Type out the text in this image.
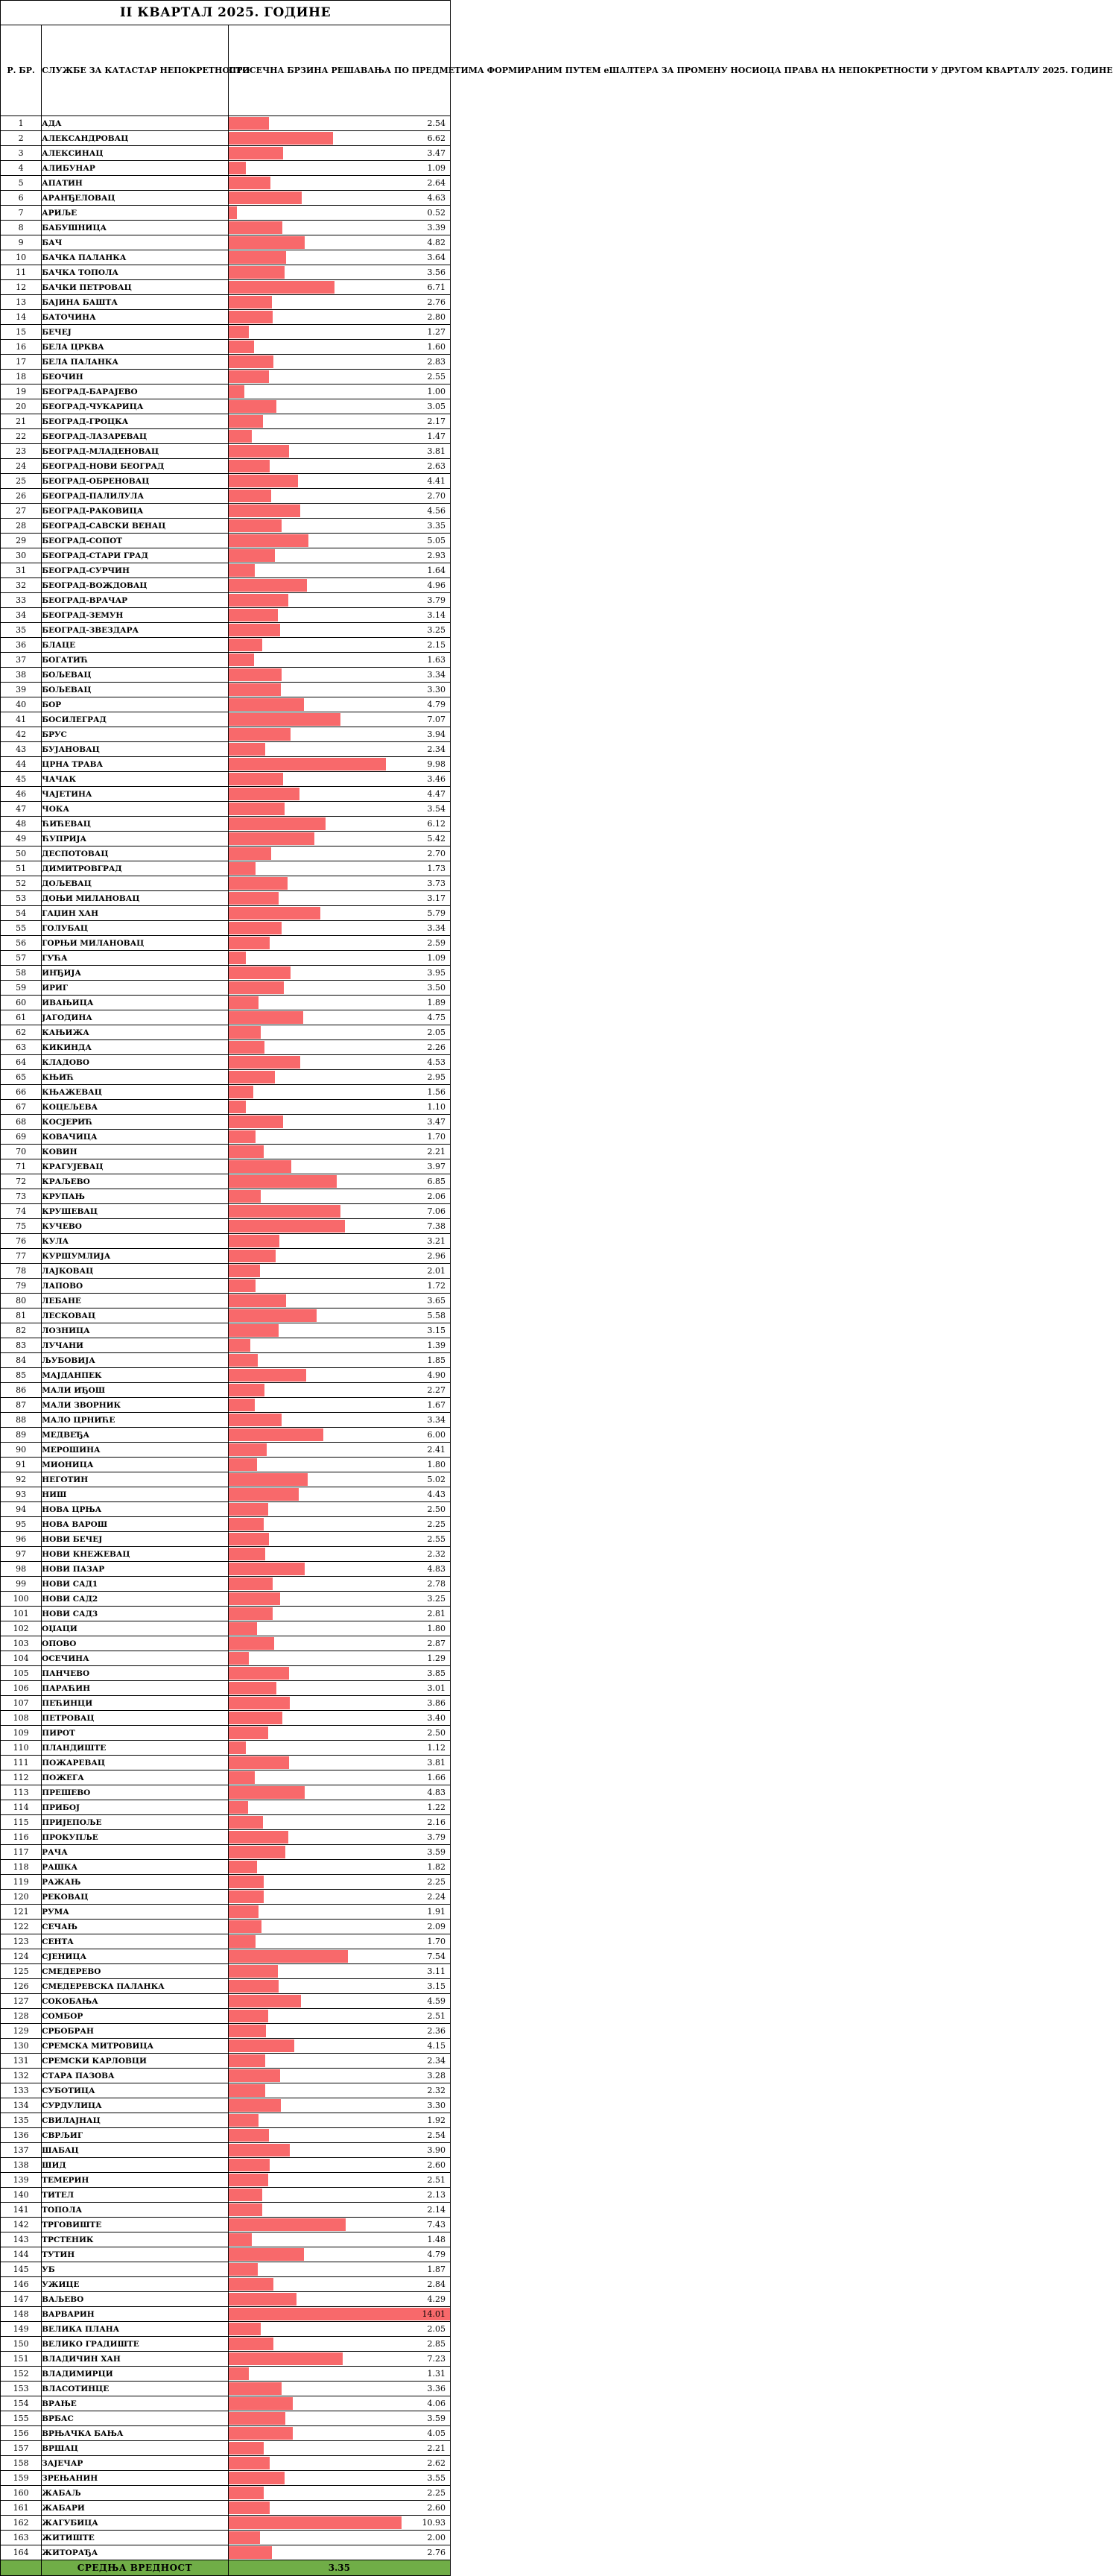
II КВАРТАЛ 2025. ГОДИНЕ		
Р. БР.	СЛУЖБЕ ЗА КАТАСТАР НЕПОКРЕТНОСТИ	ПРОСЕЧНА БРЗИНА РЕШАВАЊА ПО ПРЕДМЕТИМА ФОРМИРАНИМ ПУТЕМ еШАЛТЕРА ЗА ПРОМЕНУ НОСИОЦА ПРАВА НА НЕПОКРЕТНОСТИ У ДРУГОМ КВАРТАЛУ 2025. ГОДИНЕ
1	АДА	2.54

2	АЛЕКСАНДРОВАЦ	6.62

3	АЛЕКСИНАЦ	3.47

4	АЛИБУНАР	1.09

5	АПАТИН	2.64

6	АРАНЂЕЛОВАЦ	4.63

7	АРИЉЕ	0.52

8	БАБУШНИЦА	3.39

9	БАЧ	4.82

10	БАЧКА ПАЛАНКА	3.64

11	БАЧКА ТОПОЛА	3.56

12	БАЧКИ ПЕТРОВАЦ	6.71

13	БАЈИНА БАШТА	2.76

14	БАТОЧИНА	2.80

15	БЕЧЕЈ	1.27

16	БЕЛА ЦРКВА	1.60

17	БЕЛА ПАЛАНКА	2.83

18	БЕОЧИН	2.55

19	БЕОГРАД-БАРАЈЕВО	1.00

20	БЕОГРАД-ЧУКАРИЦА	3.05

21	БЕОГРАД-ГРОЦКА	2.17

22	БЕОГРАД-ЛАЗАРЕВАЦ	1.47

23	БЕОГРАД-МЛАДЕНОВАЦ	3.81

24	БЕОГРАД-НОВИ БЕОГРАД	2.63

25	БЕОГРАД-ОБРЕНОВАЦ	4.41

26	БЕОГРАД-ПАЛИЛУЛА	2.70

27	БЕОГРАД-РАКОВИЦА	4.56

28	БЕОГРАД-САВСКИ ВЕНАЦ	3.35

29	БЕОГРАД-СОПОТ	5.05

30	БЕОГРАД-СТАРИ ГРАД	2.93

31	БЕОГРАД-СУРЧИН	1.64

32	БЕОГРАД-ВОЖДОВАЦ	4.96

33	БЕОГРАД-ВРАЧАР	3.79

34	БЕОГРАД-ЗЕМУН	3.14

35	БЕОГРАД-ЗВЕЗДАРА	3.25

36	БЛАЦЕ	2.15

37	БОГАТИЋ	1.63

38	БОЉЕВАЦ	3.34

39	БОЉЕВАЦ	3.30

40	БОР	4.79

41	БОСИЛЕГРАД	7.07

42	БРУС	3.94

43	БУЈАНОВАЦ	2.34

44	ЦРНА ТРАВА	9.98

45	ЧАЧАК	3.46

46	ЧАЈЕТИНА	4.47

47	ЧОКА	3.54

48	ЋИЋЕВАЦ	6.12

49	ЋУПРИЈА	5.42

50	ДЕСПОТОВАЦ	2.70

51	ДИМИТРОВГРАД	1.73

52	ДОЉЕВАЦ	3.73

53	ДОЊИ МИЛАНОВАЦ	3.17

54	ГАЏИН ХАН	5.79

55	ГОЛУБАЦ	3.34

56	ГОРЊИ МИЛАНОВАЦ	2.59

57	ГУЋА	1.09

58	ИНЂИЈА	3.95

59	ИРИГ	3.50

60	ИВАЊИЦА	1.89

61	ЈАГОДИНА	4.75

62	КАЊИЖА	2.05

63	КИКИНДА	2.26

64	КЛАДОВО	4.53

65	КЊИЋ	2.95

66	КЊАЖЕВАЦ	1.56

67	КОЦЕЉЕВА	1.10

68	КОСЈЕРИЋ	3.47

69	КОВАЧИЦА	1.70

70	КОВИН	2.21

71	КРАГУЈЕВАЦ	3.97

72	КРАЉЕВО	6.85

73	КРУПАЊ	2.06

74	КРУШЕВАЦ	7.06

75	КУЧЕВО	7.38

76	КУЛА	3.21

77	КУРШУМЛИЈА	2.96

78	ЛАЈКОВАЦ	2.01

79	ЛАПОВО	1.72

80	ЛЕБАНЕ	3.65

81	ЛЕСКОВАЦ	5.58

82	ЛОЗНИЦА	3.15

83	ЛУЧАНИ	1.39

84	ЉУБОВИЈА	1.85

85	МАЈДАНПЕК	4.90

86	МАЛИ ИЂОШ	2.27

87	МАЛИ ЗВОРНИК	1.67

88	МАЛО ЦРНИЋЕ	3.34

89	МЕДВЕЂА	6.00

90	МЕРОШИНА	2.41

91	МИОНИЦА	1.80

92	НЕГОТИН	5.02

93	НИШ	4.43

94	НОВА ЦРЊА	2.50

95	НОВА ВАРОШ	2.25

96	НОВИ БЕЧЕЈ	2.55

97	НОВИ КНЕЖЕВАЦ	2.32

98	НОВИ ПАЗАР	4.83

99	НОВИ САД1	2.78

100	НОВИ САД2	3.25

101	НОВИ САД3	2.81

102	ОЏАЦИ	1.80

103	ОПОВО	2.87

104	ОСЕЧИНА	1.29

105	ПАНЧЕВО	3.85

106	ПАРАЋИН	3.01

107	ПЕЋИНЦИ	3.86

108	ПЕТРОВАЦ	3.40

109	ПИРОТ	2.50

110	ПЛАНДИШТЕ	1.12

111	ПОЖАРЕВАЦ	3.81

112	ПОЖЕГА	1.66

113	ПРЕШЕВО	4.83

114	ПРИБОЈ	1.22

115	ПРИЈЕПОЉЕ	2.16

116	ПРОКУПЉЕ	3.79

117	РАЧА	3.59

118	РАШКА	1.82

119	РАЖАЊ	2.25

120	РЕКОВАЦ	2.24

121	РУМА	1.91

122	СЕЧАЊ	2.09

123	СЕНТА	1.70

124	СЈЕНИЦА	7.54

125	СМЕДЕРЕВО	3.11

126	СМЕДЕРЕВСКА ПАЛАНКА	3.15

127	СОКОБАЊА	4.59

128	СОМБОР	2.51

129	СРБОБРАН	2.36

130	СРЕМСКА МИТРОВИЦА	4.15

131	СРЕМСКИ КАРЛОВЦИ	2.34

132	СТАРА ПАЗОВА	3.28

133	СУБОТИЦА	2.32

134	СУРДУЛИЦА	3.30

135	СВИЛАЈНАЦ	1.92

136	СВРЉИГ	2.54

137	ШАБАЦ	3.90

138	ШИД	2.60

139	ТЕМЕРИН	2.51

140	ТИТЕЛ	2.13

141	ТОПОЛА	2.14

142	ТРГОВИШТЕ	7.43

143	ТРСТЕНИК	1.48

144	ТУТИН	4.79

145	УБ	1.87

146	УЖИЦЕ	2.84

147	ВАЉЕВО	4.29

148	ВАРВАРИН	14.01

149	ВЕЛИКА ПЛАНА	2.05

150	ВЕЛИКО ГРАДИШТЕ	2.85

151	ВЛАДИЧИН ХАН	7.23

152	ВЛАДИМИРЦИ	1.31

153	ВЛАСОТИНЦЕ	3.36

154	ВРАЊЕ	4.06

155	ВРБАС	3.59

156	ВРЊАЧКА БАЊА	4.05

157	ВРШАЦ	2.21

158	ЗАЈЕЧАР	2.62

159	ЗРЕЊАНИН	3.55

160	ЖАБАЉ	2.25

161	ЖАБАРИ	2.60

162	ЖАГУБИЦА	10.93

163	ЖИТИШТЕ	2.00

164	ЖИТОРАЂА	2.76

	СРЕДЊА ВРЕДНОСТ	3.35
